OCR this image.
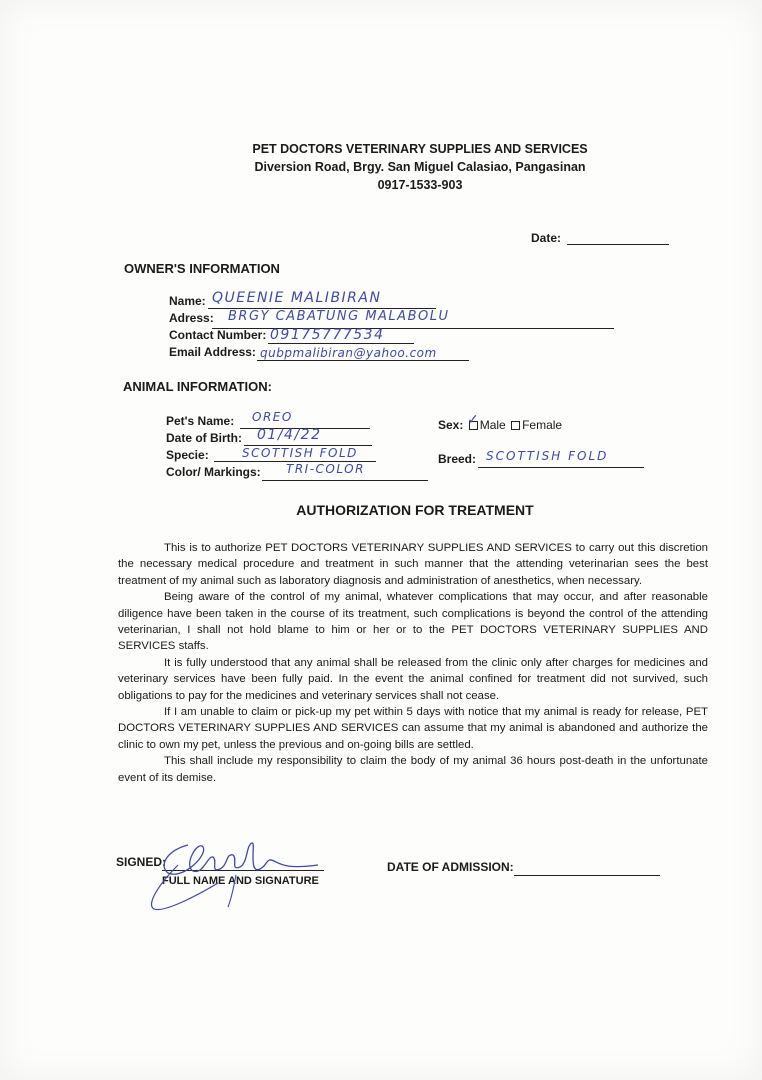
PET DOCTORS VETERINARY SUPPLIES AND SERVICES
Diversion Road, Brgy. San Miguel Calasiao, Pangasinan
0917-1533-903
Date:
OWNER'S INFORMATION
Name: QUEENIE MALIBIRAN
Adress: BRGY CABATUNG MALABOLU
Contact Number: 09175777534
Email Address: qubpmalibiran@yahoo.com
ANIMAL INFORMATION:
Pet's Name: OREO
Date of Birth: 01/4/22
Specie:	SCOTTISH FOLD
Color/ Markings: TRI-COLOR
Sex: Male Female
✓
Breed: SCOTTISH FOLD
AUTHORIZATION FOR TREATMENT

This is to authorize PET DOCTORS VETERINARY SUPPLIES AND SERVICES to carry out this discretion the necessary medical procedure and treatment in such manner that the attending veterinarian sees the best treatment of my animal such as laboratory diagnosis and administration of anesthetics, when necessary.

Being aware of the control of my animal, whatever complications that may occur, and after reasonable diligence have been taken in the course of its treatment, such complications is beyond the control of the attending veterinarian, I shall not hold blame to him or her or to the PET DOCTORS VETERINARY SUPPLIES AND SERVICES staffs.

It is fully understood that any animal shall be released from the clinic only after charges for medicines and veterinary services have been fully paid. In the event the animal confined for treatment did not survived, such obligations to pay for the medicines and veterinary services shall not cease.

If I am unable to claim or pick-up my pet within 5 days with notice that my animal is ready for release, PET DOCTORS VETERINARY SUPPLIES AND SERVICES can assume that my animal is abandoned and authorize the clinic to own my pet, unless the previous and on-going bills are settled.

This shall include my responsibility to claim the body of my animal 36 hours post-death in the unfortunate event of its demise.

SIGNED:
FULL NAME AND SIGNATURE
DATE OF ADMISSION:
